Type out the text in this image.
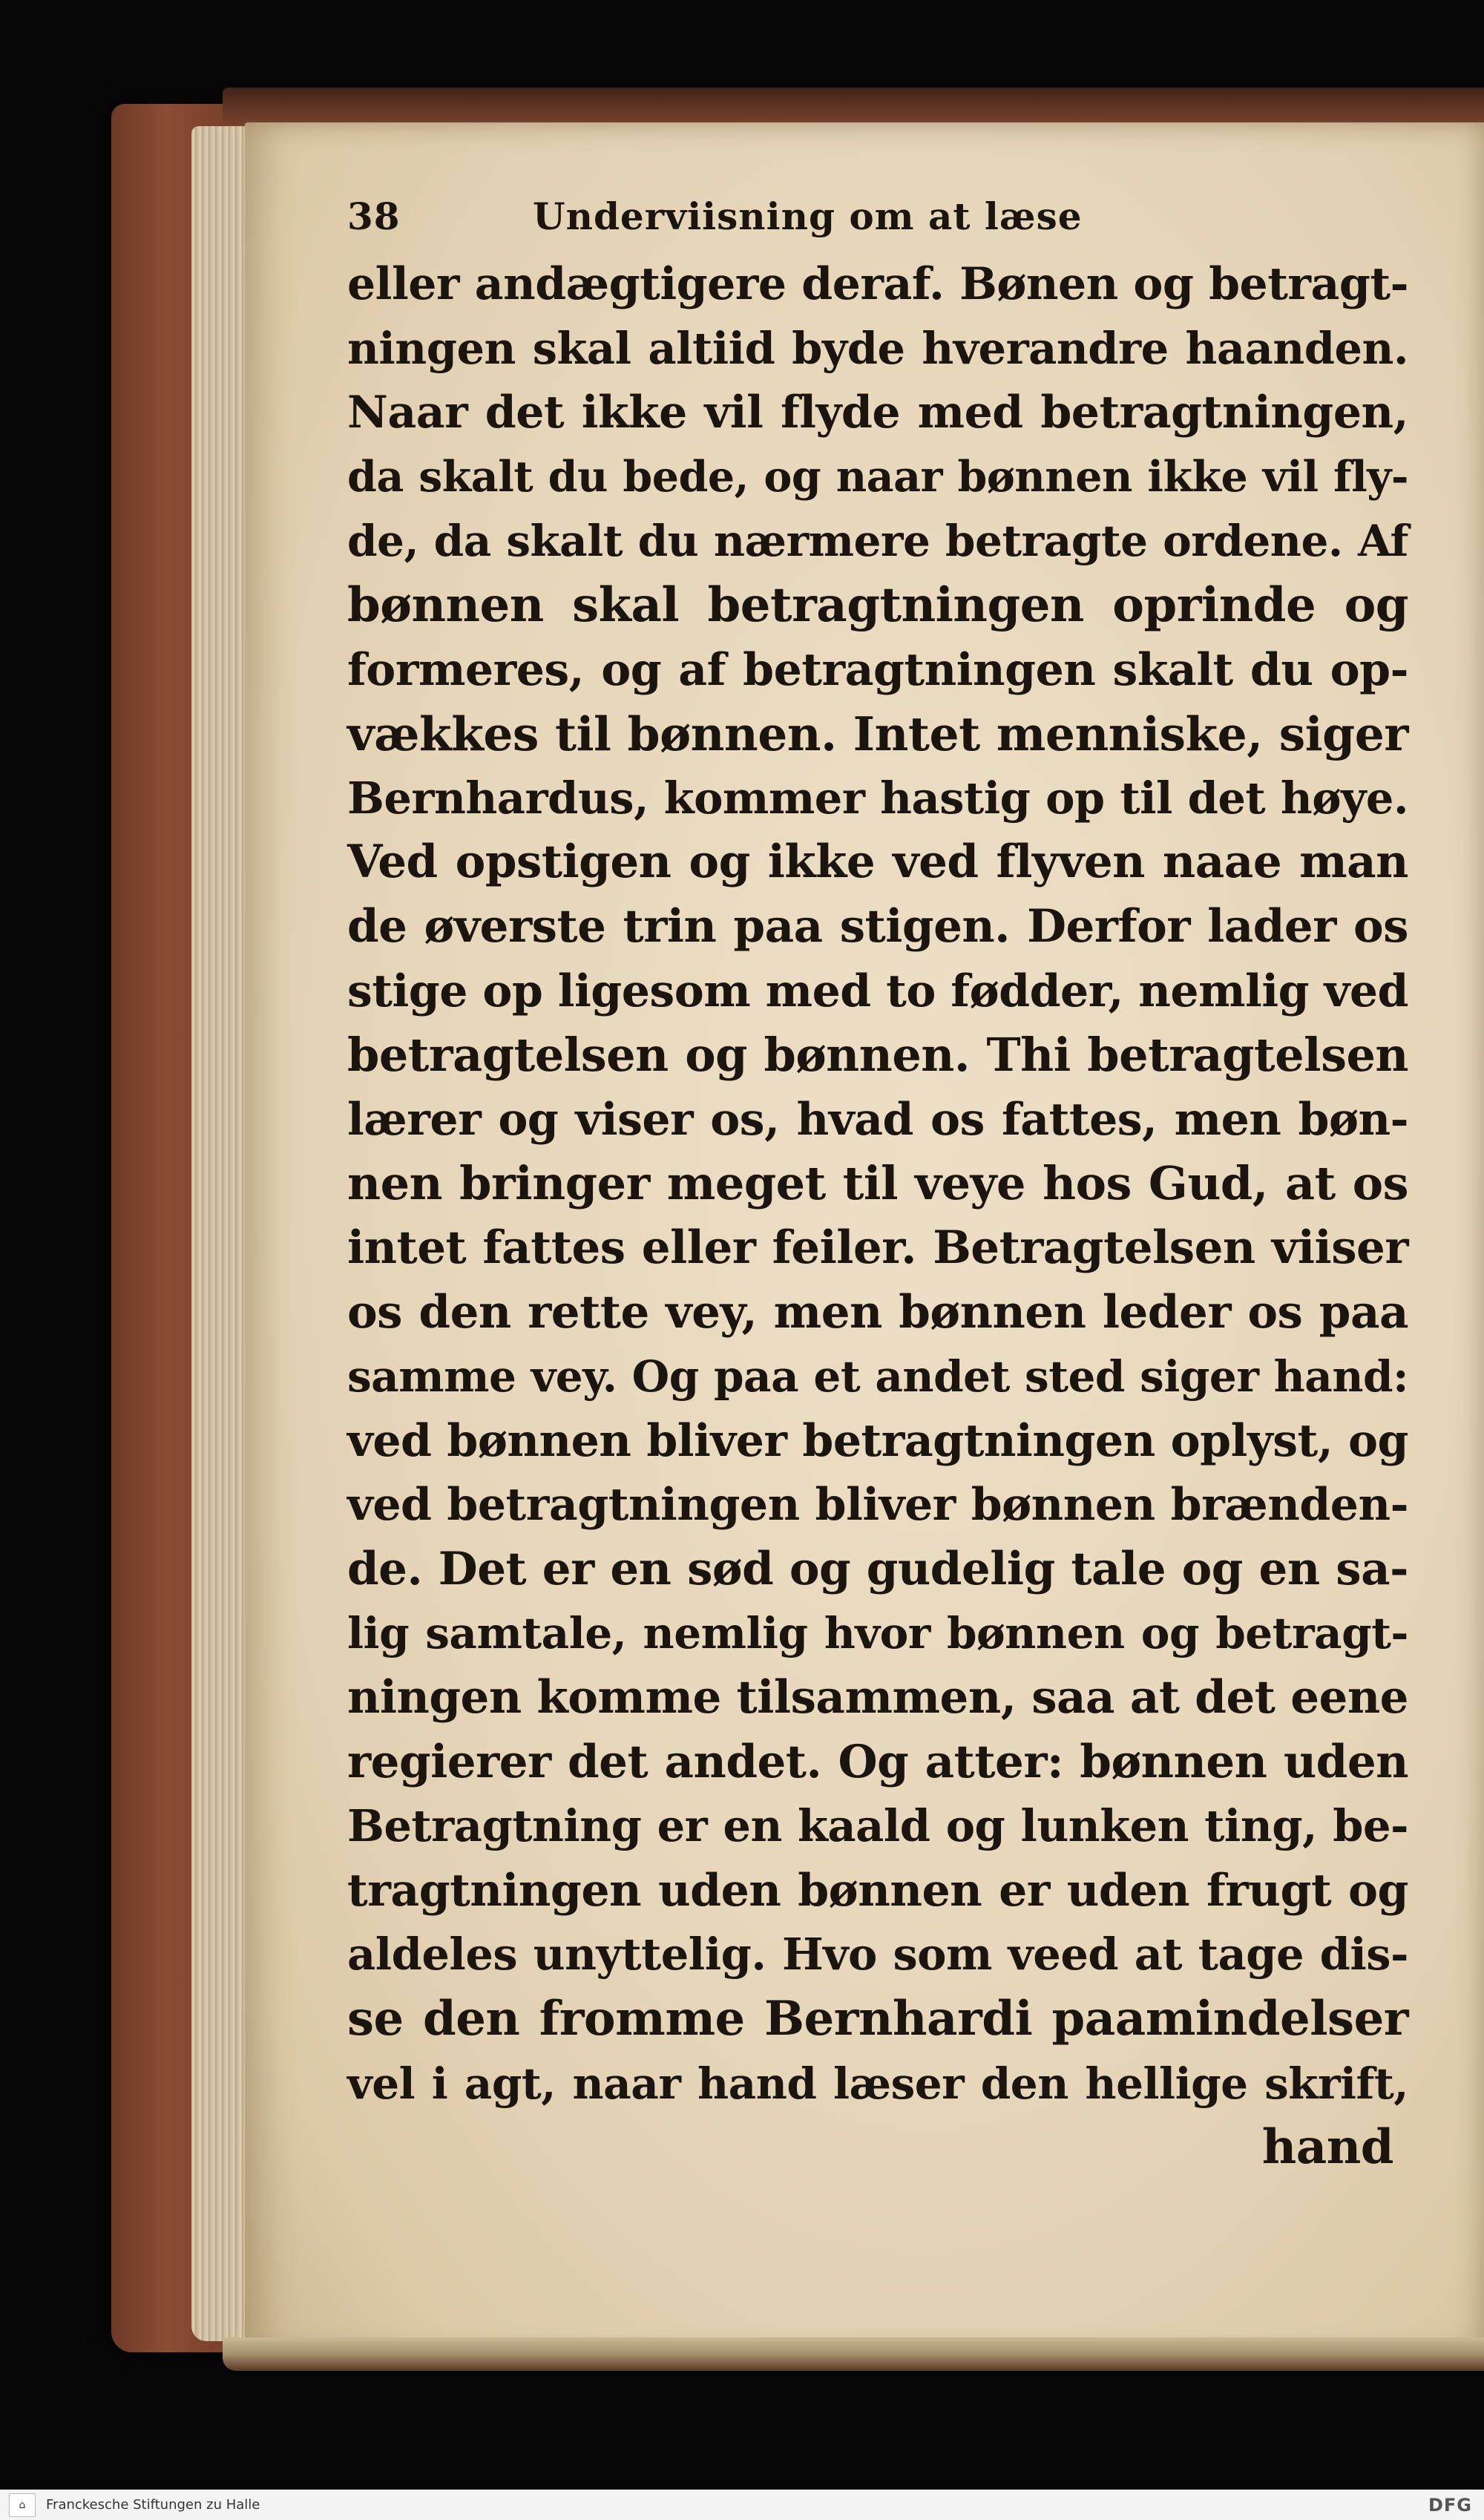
38	Underviisning om at læse
eller andægtigere deraf. Bønen og betragt-
ningen skal altiid byde hverandre haanden.
Naar det ikke vil flyde med betragtningen,
da skalt du bede, og naar bønnen ikke vil fly-
de, da skalt du nærmere betragte ordene. Af
bønnen skal betragtningen oprinde og
formeres, og af betragtningen skalt du op-
vækkes til bønnen. Intet menniske, siger
Bernhardus, kommer hastig op til det høye.
Ved opstigen og ikke ved flyven naae man
de øverste trin paa stigen. Derfor lader os
stige op ligesom med to fødder, nemlig ved
betragtelsen og bønnen. Thi betragtelsen
lærer og viser os, hvad os fattes, men bøn-
nen bringer meget til veye hos Gud, at os
intet fattes eller feiler. Betragtelsen viiser
os den rette vey, men bønnen leder os paa
samme vey. Og paa et andet sted siger hand:
ved bønnen bliver betragtningen oplyst, og
ved betragtningen bliver bønnen brænden-
de. Det er en sød og gudelig tale og en sa-
lig samtale, nemlig hvor bønnen og betragt-
ningen komme tilsammen, saa at det eene
regierer det andet. Og atter: bønnen uden
Betragtning er en kaald og lunken ting, be-
tragtningen uden bønnen er uden frugt og
aldeles unyttelig. Hvo som veed at tage dis-
se den fromme Bernhardi paamindelser
vel i agt, naar hand læser den hellige skrift,
hand
⌂	Franckesche Stiftungen zu Halle	DFG
